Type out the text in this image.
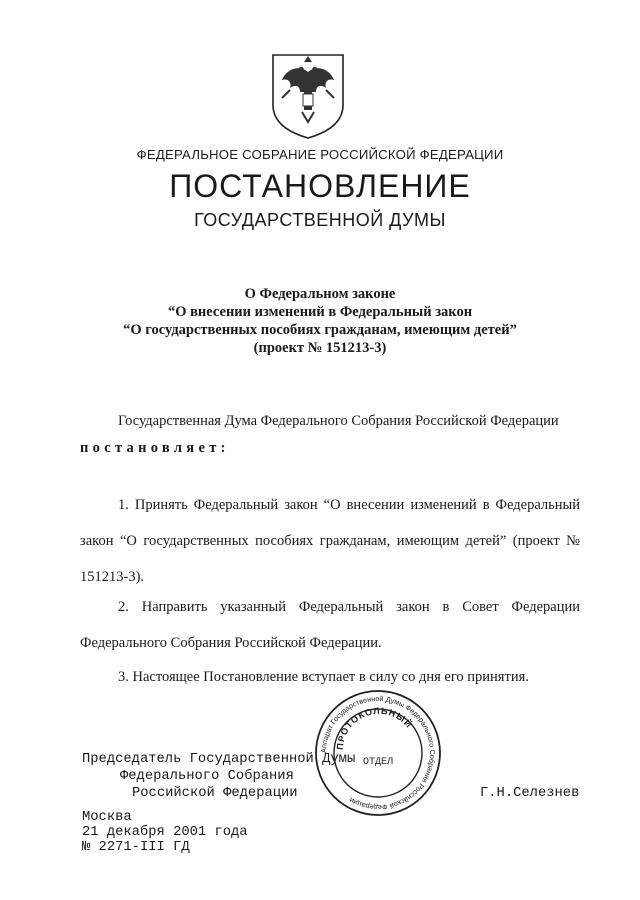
ФЕДЕРАЛЬНОЕ СОБРАНИЕ РОССИЙСКОЙ ФЕДЕРАЦИИ
ПОСТАНОВЛЕНИЕ
ГОСУДАРСТВЕННОЙ ДУМЫ
О Федеральном законе
“О внесении изменений в Федеральный закон
“О государственных пособиях гражданам, имеющим детей”
(проект № 151213-3)
Государственная Дума Федерального Собрания Российской Федерации
постановляет:
1. Принять Федеральный закон “О внесении изменений в Федеральный закон “О государственных пособиях гражданам, имеющим детей” (проект № 151213-3).
2. Направить указанный Федеральный закон в Совет Федерации Федерального Собрания Российской Федерации.
3. Настоящее Постановление вступает в силу со дня его принятия.
Аппарат Государственной Думы Федерального Собрания Российской Федерации
ПРОТОКОЛЬНЫЙ
ОТДЕЛ
Председатель Государственной Думы
Федерального Собрания
Российской Федерации	Г.Н.Селезнев
Москва
21 декабря 2001 года
№ 2271-III ГД
